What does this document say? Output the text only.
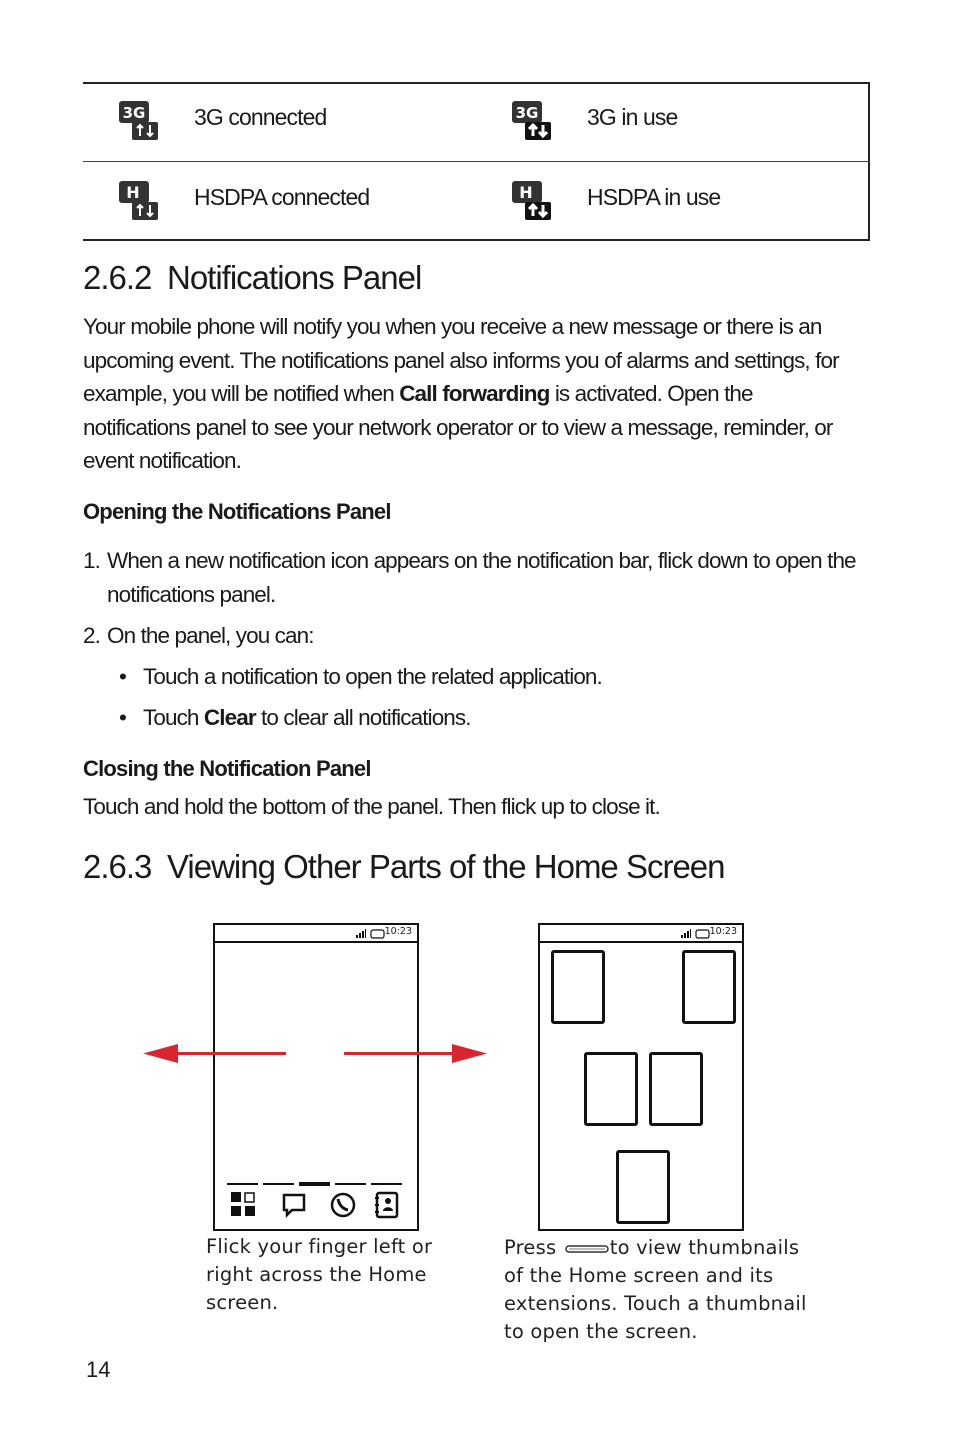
3G 3G connected	3G 3G in use
H HSDPA connected	H HSDPA in use
2.6.2 Notifications Panel
Your mobile phone will notify you when you receive a new message or there is an
upcoming event. The notifications panel also informs you of alarms and settings, for
example, you will be notified when Call forwarding is activated. Open the
notifications panel to see your network operator or to view a message, reminder, or
event notification.
Opening the Notifications Panel
1. When a new notification icon appears on the notification bar, flick down to open the
notifications panel.
2. On the panel, you can:
• Touch a notification to open the related application.
• Touch Clear to clear all notifications.
Closing the Notification Panel
Touch and hold the bottom of the panel. Then flick up to close it.
2.6.3 Viewing Other Parts of the Home Screen
10:23	10:23
Flick your finger left or
right across the Home
screen.
Press	to view thumbnails
of the Home screen and its
extensions. Touch a thumbnail
to open the screen.
14
